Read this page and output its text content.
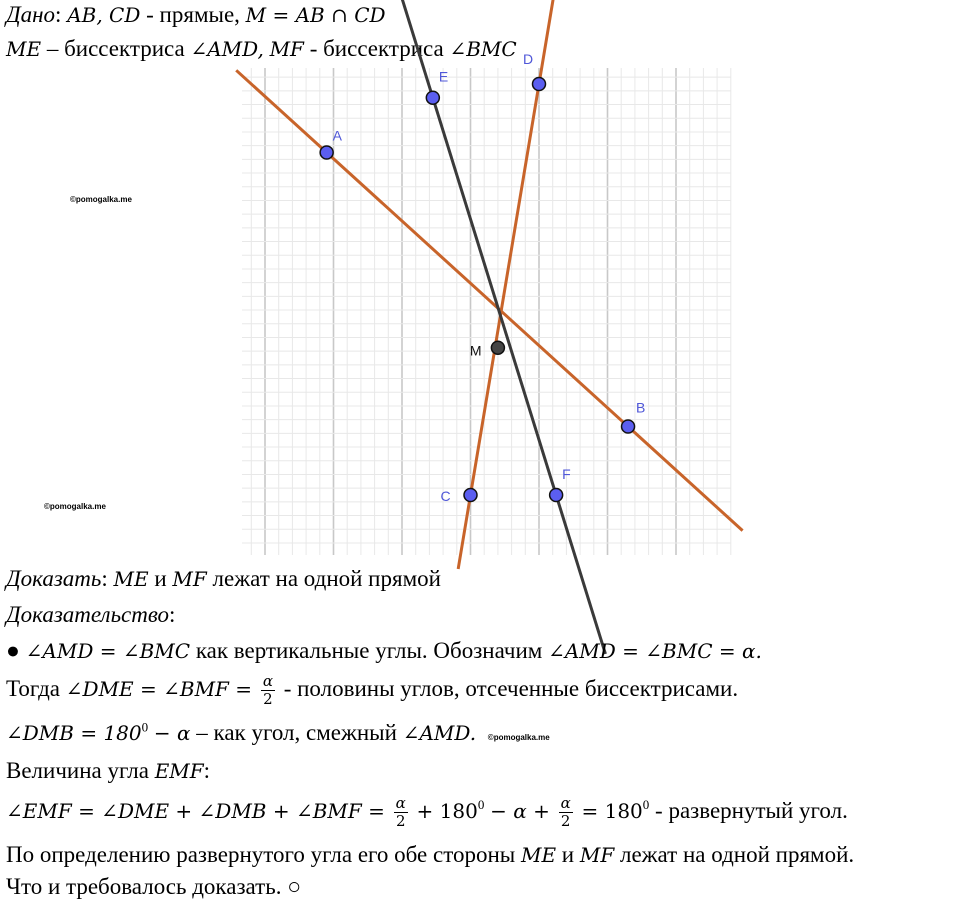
Дано: AB, CD - прямые, M = AB ∩ CD
ME – биссектриса ∠AMD, MF - биссектриса ∠BMC
A
B
C
D
E
F
M
©pomogalka.me
©pomogalka.me
Доказать: ME и MF лежат на одной прямой
Доказательство:
● ∠AMD = ∠BMC как вертикальные углы. Обозначим ∠AMD = ∠BMC = α.
Тогда ∠DME = ∠BMF = $\frac{\alpha}{2}$ - половины углов, отсеченные биссектрисами.
∠DMB = $180^0 - \alpha$ – как угол, смежный ∠AMD. ©pomogalka.me
Величина угла EMF:
∠EMF = ∠DME + ∠DMB + ∠BMF = $\frac{\alpha}{2} + 180^0 - \alpha + \frac{\alpha}{2} = 180^0$ - развернутый угол.
По определению развернутого угла его обе стороны ME и MF лежат на одной прямой.
Что и требовалось доказать. ○
